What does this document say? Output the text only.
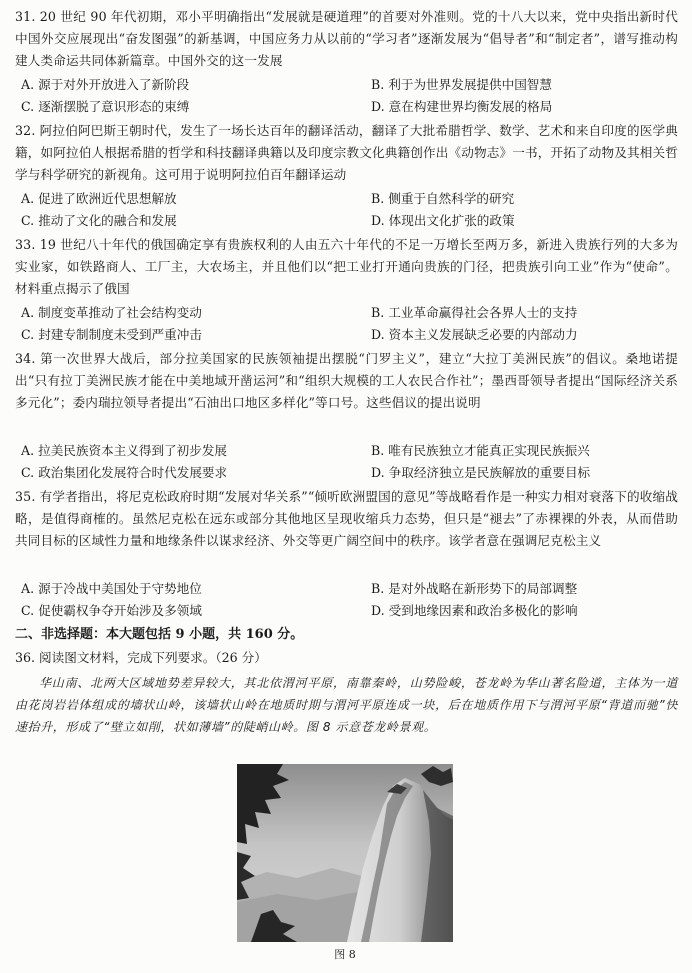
31. 20 世纪 90 年代初期，邓小平明确指出“发展就是硬道理”的首要对外准则。党的十八大以来，党中央指出新时代中国外交应展现出“奋发图强”的新基调，中国应务力从以前的“学习者”逐渐发展为“倡导者”和“制定者”，谱写推动构建人类命运共同体新篇章。中国外交的这一发展
A. 源于对外开放进入了新阶段	B. 利于为世界发展提供中国智慧
C. 逐渐摆脱了意识形态的束缚	D. 意在构建世界均衡发展的格局
32. 阿拉伯阿巴斯王朝时代，发生了一场长达百年的翻译活动，翻译了大批希腊哲学、数学、艺术和来自印度的医学典籍，如阿拉伯人根据希腊的哲学和科技翻译典籍以及印度宗教文化典籍创作出《动物志》一书，开拓了动物及其相关哲学与科学研究的新视角。这可用于说明阿拉伯百年翻译运动
A. 促进了欧洲近代思想解放	B. 侧重于自然科学的研究
C. 推动了文化的融合和发展	D. 体现出文化扩张的政策
33. 19 世纪八十年代的俄国确定享有贵族权利的人由五六十年代的不足一万增长至两万多，新进入贵族行列的大多为实业家，如铁路商人、工厂主，大农场主，并且他们以“把工业打开通向贵族的门径，把贵族引向工业”作为“使命”。材料重点揭示了俄国
A. 制度变革推动了社会结构变动	B. 工业革命赢得社会各界人士的支持
C. 封建专制制度未受到严重冲击	D. 资本主义发展缺乏必要的内部动力
34. 第一次世界大战后，部分拉美国家的民族领袖提出摆脱“门罗主义”，建立“大拉丁美洲民族”的倡议。桑地诺提出“只有拉丁美洲民族才能在中美地域开凿运河”和“组织大规模的工人农民合作社”；墨西哥领导者提出“国际经济关系多元化”；委内瑞拉领导者提出“石油出口地区多样化”等口号。这些倡议的提出说明
A. 拉美民族资本主义得到了初步发展	B. 唯有民族独立才能真正实现民族振兴
C. 政治集团化发展符合时代发展要求	D. 争取经济独立是民族解放的重要目标
35. 有学者指出，将尼克松政府时期“发展对华关系”“倾听欧洲盟国的意见”等战略看作是一种实力相对衰落下的收缩战略，是值得商榷的。虽然尼克松在远东或部分其他地区呈现收缩兵力态势，但只是“褪去”了赤裸裸的外表，从而借助共同目标的区域性力量和地缘条件以谋求经济、外交等更广阔空间中的秩序。该学者意在强调尼克松主义
A. 源于冷战中美国处于守势地位	B. 是对外战略在新形势下的局部调整
C. 促使霸权争夺开始涉及多领域	D. 受到地缘因素和政治多极化的影响
二、非选择题：本大题包括 9 小题，共 160 分。
36. 阅读图文材料，完成下列要求。（26 分）
华山南、北两大区域地势差异较大，其北依渭河平原，南靠秦岭，山势险峻，苍龙岭为华山著名险道，主体为一道由花岗岩岩体组成的墙状山岭，该墙状山岭在地质时期与渭河平原连成一块，后在地质作用下与渭河平原“背道而驰”快速抬升，形成了“壁立如削，状如薄墙”的陡峭山岭。图 8 示意苍龙岭景观。
图 8
